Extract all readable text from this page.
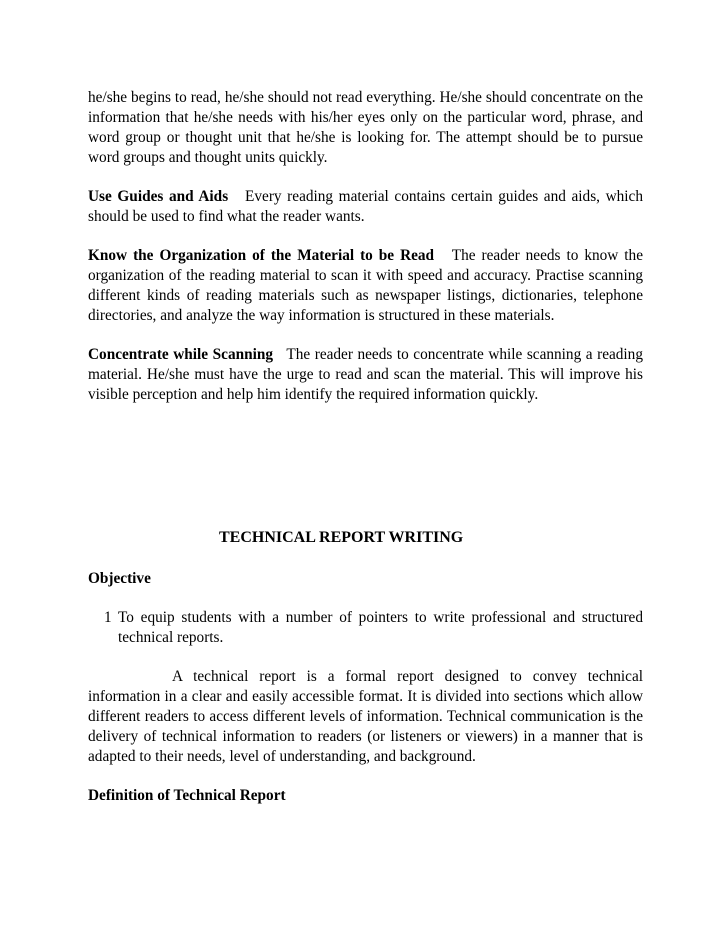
he/she begins to read, he/she should not read everything. He/she should concentrate on the information that he/she needs with his/her eyes only on the particular word, phrase, and word group or thought unit that he/she is looking for. The attempt should be to pursue word groups and thought units quickly.

Use Guides and Aids Every reading material contains certain guides and aids, which should be used to find what the reader wants.

Know the Organization of the Material to be Read The reader needs to know the organization of the reading material to scan it with speed and accuracy. Practise scanning different kinds of reading materials such as newspaper listings, dictionaries, telephone directories, and analyze the way information is structured in these materials.

Concentrate while Scanning The reader needs to concentrate while scanning a reading material. He/she must have the urge to read and scan the material. This will improve his visible perception and help him identify the required information quickly.

TECHNICAL REPORT WRITING

Objective

1 To equip students with a number of pointers to write professional and structured technical reports.

A technical report is a formal report designed to convey technical information in a clear and easily accessible format. It is divided into sections which allow different readers to access different levels of information. Technical communication is the delivery of technical information to readers (or listeners or viewers) in a manner that is adapted to their needs, level of understanding, and background.

Definition of Technical Report
